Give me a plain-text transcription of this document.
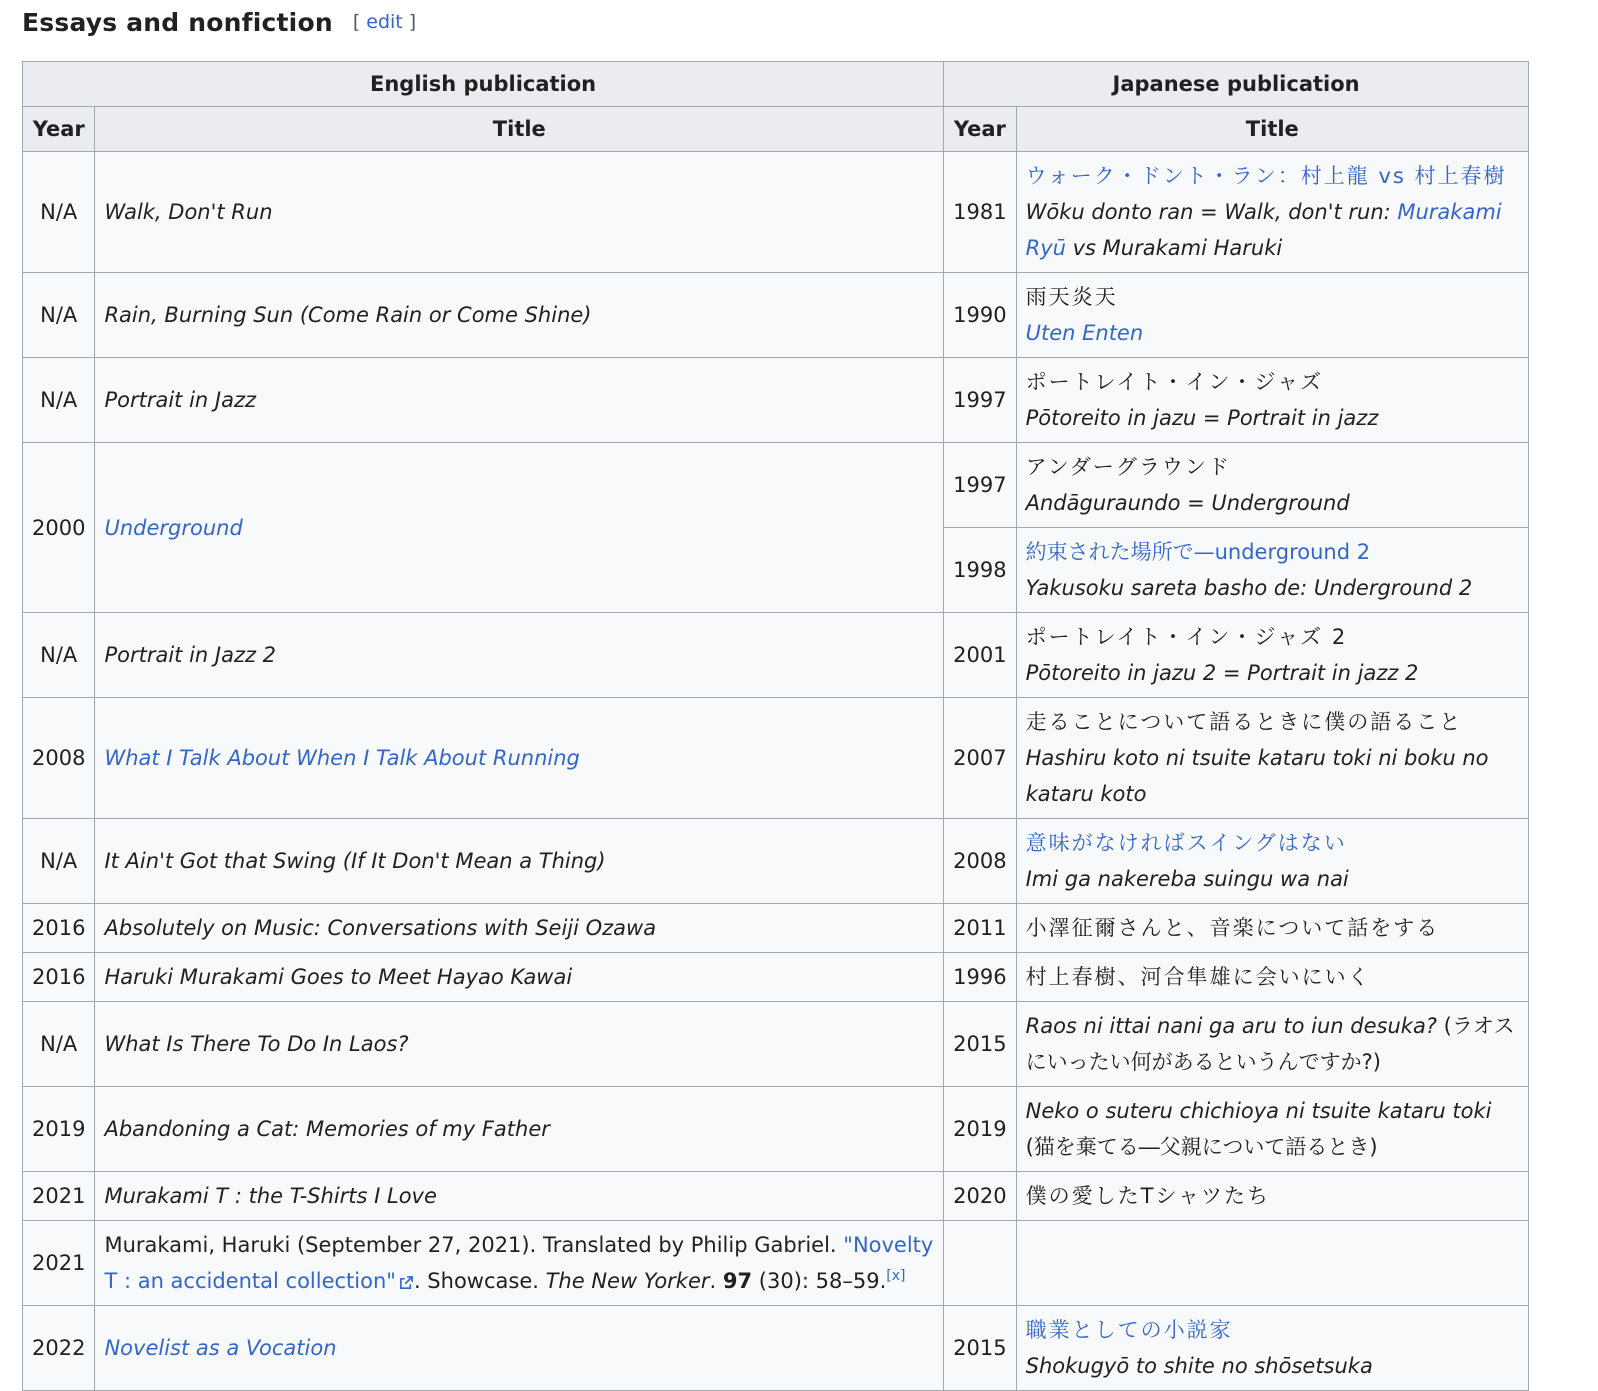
Essays and nonfiction [ edit ]
English publication		Japanese publication	
Year	Title	Year	Title
N/A	Walk, Don't Run	1981	ウォーク・ドント・ラン：村上龍 vs 村上春樹
Wōku donto ran = Walk, don't run: Murakami Ryū vs Murakami Haruki
N/A	Rain, Burning Sun (Come Rain or Come Shine)	1990	雨天炎天
Uten Enten
N/A	Portrait in Jazz	1997	ポートレイト・イン・ジャズ
Pōtoreito in jazu = Portrait in jazz
2000	Underground	1997	アンダーグラウンド
Andāguraundo = Underground
		1998	約束された場所で—underground 2
Yakusoku sareta basho de: Underground 2
N/A	Portrait in Jazz 2	2001	ポートレイト・イン・ジャズ 2
Pōtoreito in jazu 2 = Portrait in jazz 2
2008	What I Talk About When I Talk About Running	2007	走ることについて語るときに僕の語ること
Hashiru koto ni tsuite kataru toki ni boku no kataru koto
N/A	It Ain't Got that Swing (If It Don't Mean a Thing)	2008	意味がなければスイングはない
Imi ga nakereba suingu wa nai
2016	Absolutely on Music: Conversations with Seiji Ozawa	2011	小澤征爾さんと、音楽について話をする
2016	Haruki Murakami Goes to Meet Hayao Kawai	1996	村上春樹、河合隼雄に会いにいく
N/A	What Is There To Do In Laos?	2015	Raos ni ittai nani ga aru to iun desuka? (ラオスにいったい何があるというんですか?)
2019	Abandoning a Cat: Memories of my Father	2019	Neko o suteru chichioya ni tsuite kataru toki (猫を棄てる―父親について語るとき)
2021	Murakami T : the T-Shirts I Love	2020	僕の愛したTシャツたち
2021	Murakami, Haruki (September 27, 2021). Translated by Philip Gabriel. "Novelty T : an accidental collection" . Showcase. The New Yorker. 97 (30): 58–59.[x]		
2022	Novelist as a Vocation	2015	職業としての小説家
Shokugyō to shite no shōsetsuka
